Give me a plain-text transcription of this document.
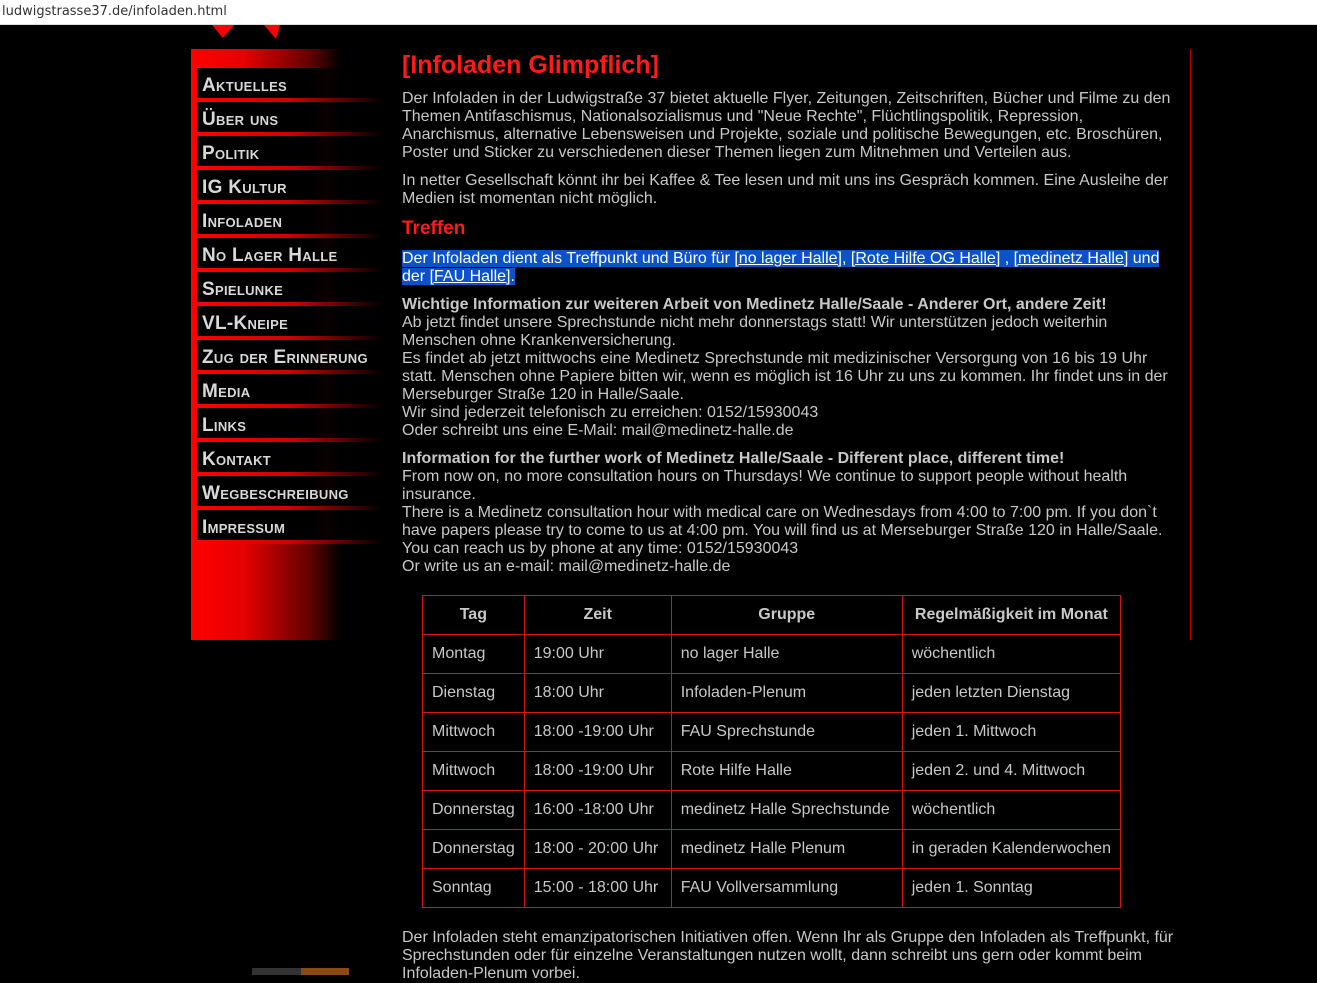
ludwigstrasse37.de/infoladen.html
Aktuelles
Über uns
Politik
IG Kultur
Infoladen
No Lager Halle
Spielunke
VL-Kneipe
Zug der Erinnerung
Media
Links
Kontakt
Wegbeschreibung
Impressum
[Infoladen Glimpflich]

Der Infoladen in der Ludwigstraße 37 bietet aktuelle Flyer, Zeitungen, Zeitschriften, Bücher und Filme zu den Themen Antifaschismus, Nationalsozialismus und "Neue Rechte", Flüchtlingspolitik, Repression, Anarchismus, alternative Lebensweisen und Projekte, soziale und politische Bewegungen, etc. Broschüren, Poster und Sticker zu verschiedenen dieser Themen liegen zum Mitnehmen und Verteilen aus.

In netter Gesellschaft könnt ihr bei Kaffee & Tee lesen und mit uns ins Gespräch kommen. Eine Ausleihe der Medien ist momentan nicht möglich.

Treffen

Der Infoladen dient als Treffpunkt und Büro für [no lager Halle], [Rote Hilfe OG Halle] , [medinetz Halle] und der [FAU Halle].

Wichtige Information zur weiteren Arbeit von Medinetz Halle/Saale - Anderer Ort, andere Zeit!
Ab jetzt findet unsere Sprechstunde nicht mehr donnerstags statt! Wir unterstützen jedoch weiterhin Menschen ohne Krankenversicherung.
Es findet ab jetzt mittwochs eine Medinetz Sprechstunde mit medizinischer Versorgung von 16 bis 19 Uhr statt. Menschen ohne Papiere bitten wir, wenn es möglich ist 16 Uhr zu uns zu kommen. Ihr findet uns in der Merseburger Straße 120 in Halle/Saale.
Wir sind jederzeit telefonisch zu erreichen: 0152/15930043
Oder schreibt uns eine E-Mail: mail@medinetz-halle.de

Information for the further work of Medinetz Halle/Saale - Different place, different time!
From now on, no more consultation hours on Thursdays! We continue to support people without health insurance.
There is a Medinetz consultation hour with medical care on Wednesdays from 4:00 to 7:00 pm. If you don`t have papers please try to come to us at 4:00 pm. You will find us at Merseburger Straße 120 in Halle/Saale.
You can reach us by phone at any time: 0152/15930043
Or write us an e-mail: mail@medinetz-halle.de

Tag	Zeit	Gruppe	Regelmäßigkeit im Monat
Montag	19:00 Uhr	no lager Halle	wöchentlich
Dienstag	18:00 Uhr	Infoladen-Plenum	jeden letzten Dienstag
Mittwoch	18:00 -19:00 Uhr	FAU Sprechstunde	jeden 1. Mittwoch
Mittwoch	18:00 -19:00 Uhr	Rote Hilfe Halle	jeden 2. und 4. Mittwoch
Donnerstag	16:00 -18:00 Uhr	medinetz Halle Sprechstunde	wöchentlich
Donnerstag	18:00 - 20:00 Uhr	medinetz Halle Plenum	in geraden Kalenderwochen
Sonntag	15:00 - 18:00 Uhr	FAU Vollversammlung	jeden 1. Sonntag

Der Infoladen steht emanzipatorischen Initiativen offen. Wenn Ihr als Gruppe den Infoladen als Treffpunkt, für Sprechstunden oder für einzelne Veranstaltungen nutzen wollt, dann schreibt uns gern oder kommt beim Infoladen-Plenum vorbei.
